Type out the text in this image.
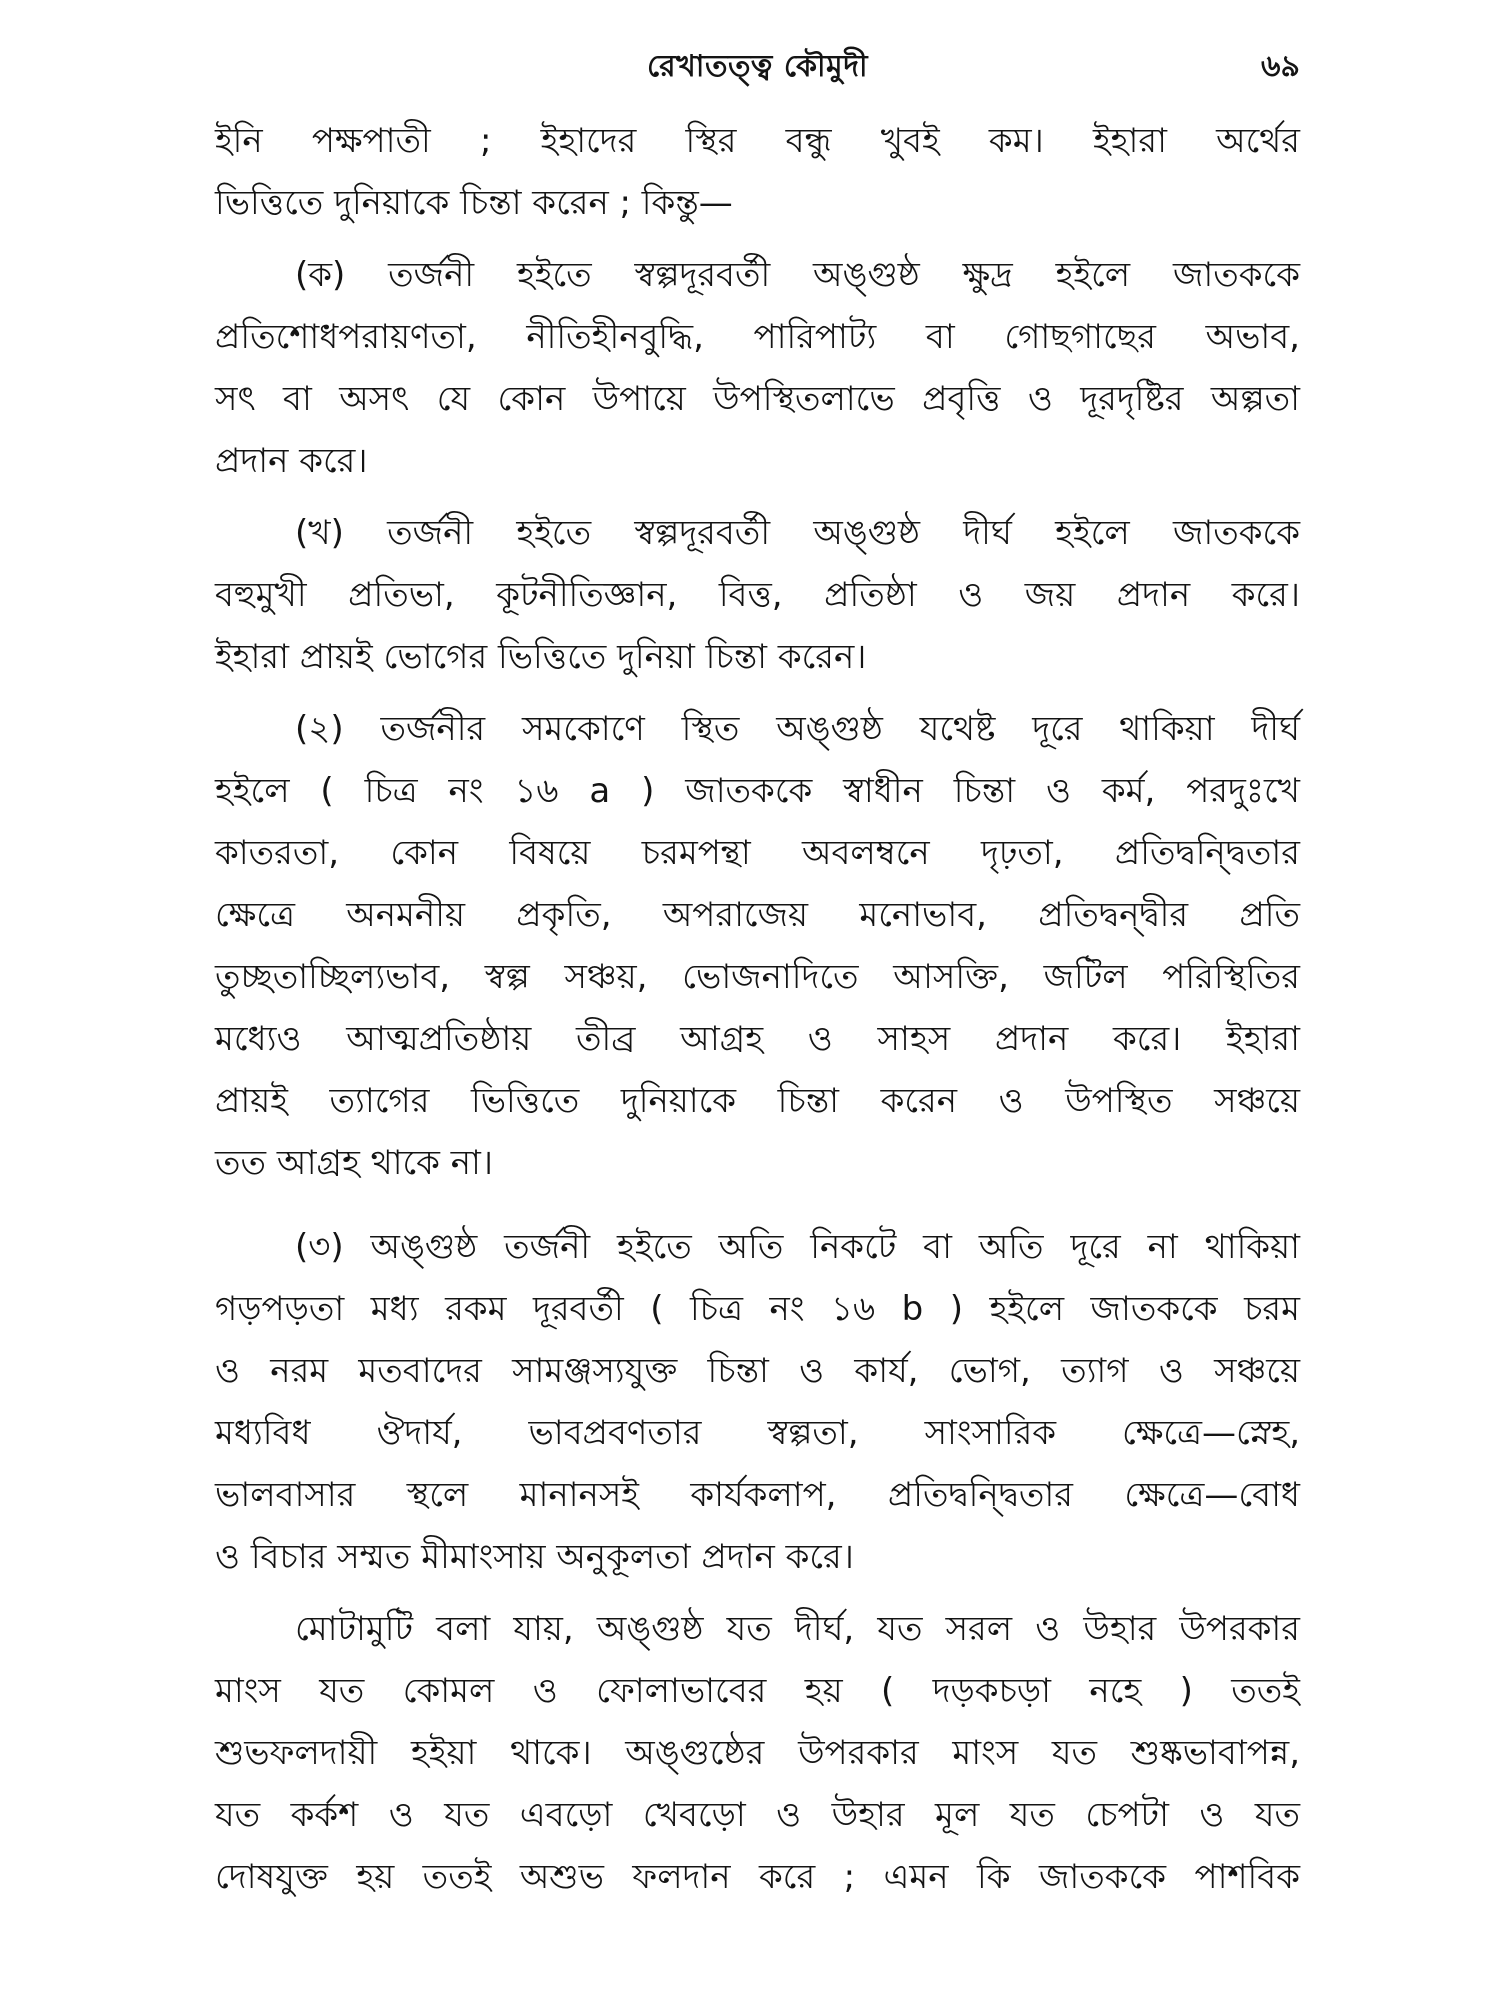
রেখাতত্ত্ব কৌমুদী	৬৯
ইনি পক্ষপাতী ; ইহাদের স্থির বন্ধু খুবই কম। ইহারা অর্থের
ভিত্তিতে দুনিয়াকে চিন্তা করেন ; কিন্তু—
(ক) তর্জনী হইতে স্বল্পদূরবর্তী অঙ্গুষ্ঠ ক্ষুদ্র হইলে জাতককে
প্রতিশোধপরায়ণতা, নীতিহীনবুদ্ধি, পারিপাট্য বা গোছগাছের অভাব,
সৎ বা অসৎ যে কোন উপায়ে উপস্থিতলাভে প্রবৃত্তি ও দূরদৃষ্টির অল্পতা
প্রদান করে।
(খ) তর্জনী হইতে স্বল্পদূরবর্তী অঙ্গুষ্ঠ দীর্ঘ হইলে জাতককে
বহুমুখী প্রতিভা, কূটনীতিজ্ঞান, বিত্ত, প্রতিষ্ঠা ও জয় প্রদান করে।
ইহারা প্রায়ই ভোগের ভিত্তিতে দুনিয়া চিন্তা করেন।
(২) তর্জনীর সমকোণে স্থিত অঙ্গুষ্ঠ যথেষ্ট দূরে থাকিয়া দীর্ঘ
হইলে ( চিত্র নং ১৬ a ) জাতককে স্বাধীন চিন্তা ও কর্ম, পরদুঃখে
কাতরতা, কোন বিষয়ে চরমপন্থা অবলম্বনে দৃঢ়তা, প্রতিদ্বন্দ্বিতার
ক্ষেত্রে অনমনীয় প্রকৃতি, অপরাজেয় মনোভাব, প্রতিদ্বন্দ্বীর প্রতি
তুচ্ছতাচ্ছিল্যভাব, স্বল্প সঞ্চয়, ভোজনাদিতে আসক্তি, জটিল পরিস্থিতির
মধ্যেও আত্মপ্রতিষ্ঠায় তীব্র আগ্রহ ও সাহস প্রদান করে। ইহারা
প্রায়ই ত্যাগের ভিত্তিতে দুনিয়াকে চিন্তা করেন ও উপস্থিত সঞ্চয়ে
তত আগ্রহ থাকে না।
(৩) অঙ্গুষ্ঠ তর্জনী হইতে অতি নিকটে বা অতি দূরে না থাকিয়া
গড়পড়তা মধ্য রকম দূরবর্তী ( চিত্র নং ১৬ b ) হইলে জাতককে চরম
ও নরম মতবাদের সামঞ্জস্যযুক্ত চিন্তা ও কার্য, ভোগ, ত্যাগ ও সঞ্চয়ে
মধ্যবিধ ঔদার্য, ভাবপ্রবণতার স্বল্পতা, সাংসারিক ক্ষেত্রে—স্নেহ,
ভালবাসার স্থলে মানানসই কার্যকলাপ, প্রতিদ্বন্দ্বিতার ক্ষেত্রে—বোধ
ও বিচার সম্মত মীমাংসায় অনুকূলতা প্রদান করে।
মোটামুটি বলা যায়, অঙ্গুষ্ঠ যত দীর্ঘ, যত সরল ও উহার উপরকার
মাংস যত কোমল ও ফোলাভাবের হয় ( দড়কচড়া নহে ) ততই
শুভফলদায়ী হইয়া থাকে। অঙ্গুষ্ঠের উপরকার মাংস যত শুষ্কভাবাপন্ন,
যত কর্কশ ও যত এবড়ো খেবড়ো ও উহার মূল যত চেপটা ও যত
দোষযুক্ত হয় ততই অশুভ ফলদান করে ; এমন কি জাতককে পাশবিক
